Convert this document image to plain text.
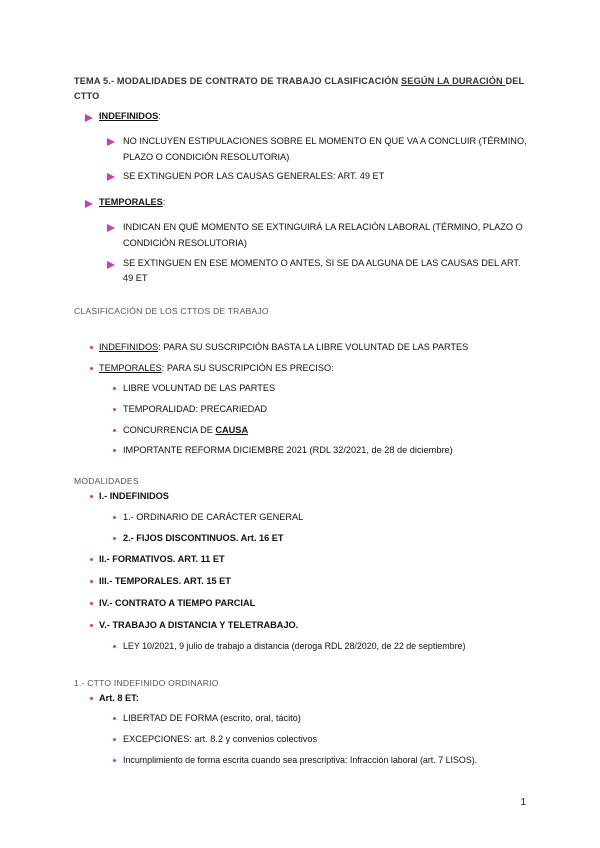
TEMA 5.- MODALIDADES DE CONTRATO DE TRABAJO CLASIFICACIÓN SEGÚN LA DURACIÓN DEL
CTTO
INDEFINIDOS:
NO INCLUYEN ESTIPULACIONES SOBRE EL MOMENTO EN QUE VA A CONCLUIR (TÉRMINO,
PLAZO O CONDICIÓN RESOLUTORIA)
SE EXTINGUEN POR LAS CAUSAS GENERALES: ART. 49 ET
TEMPORALES:
INDICAN EN QUÉ MOMENTO SE EXTINGUIRÁ LA RELACIÓN LABORAL (TÉRMINO, PLAZO O
CONDICIÓN RESOLUTORIA)
SE EXTINGUEN EN ESE MOMENTO O ANTES, SI SE DA ALGUNA DE LAS CAUSAS DEL ART.
49 ET
CLASIFICACIÓN DE LOS CTTOS DE TRABAJO
INDEFINIDOS: PARA SU SUSCRIPCIÓN BASTA LA LIBRE VOLUNTAD DE LAS PARTES
TEMPORALES: PARA SU SUSCRIPCIÓN ES PRECISO:
LIBRE VOLUNTAD DE LAS PARTES
TEMPORALIDAD: PRECARIEDAD
CONCURRENCIA DE CAUSA
IMPORTANTE REFORMA DICIEMBRE 2021 (RDL 32/2021, de 28 de diciembre)
MODALIDADES
I.- INDEFINIDOS
1.- ORDINARIO DE CARÁCTER GENERAL
2.- FIJOS DISCONTINUOS. Art. 16 ET
II.- FORMATIVOS. ART. 11 ET
III.- TEMPORALES. ART. 15 ET
IV.- CONTRATO A TIEMPO PARCIAL
V.- TRABAJO A DISTANCIA Y TELETRABAJO.
LEY 10/2021, 9 julio de trabajo a distancia (deroga RDL 28/2020, de 22 de septiembre)
1.- CTTO INDEFINIDO ORDINARIO
Art. 8 ET:
LIBERTAD DE FORMA (escrito, oral, tácito)
EXCEPCIONES: art. 8.2 y convenios colectivos
Incumplimiento de forma escrita cuando sea prescriptiva: Infracción laboral (art. 7 LISOS).
1
